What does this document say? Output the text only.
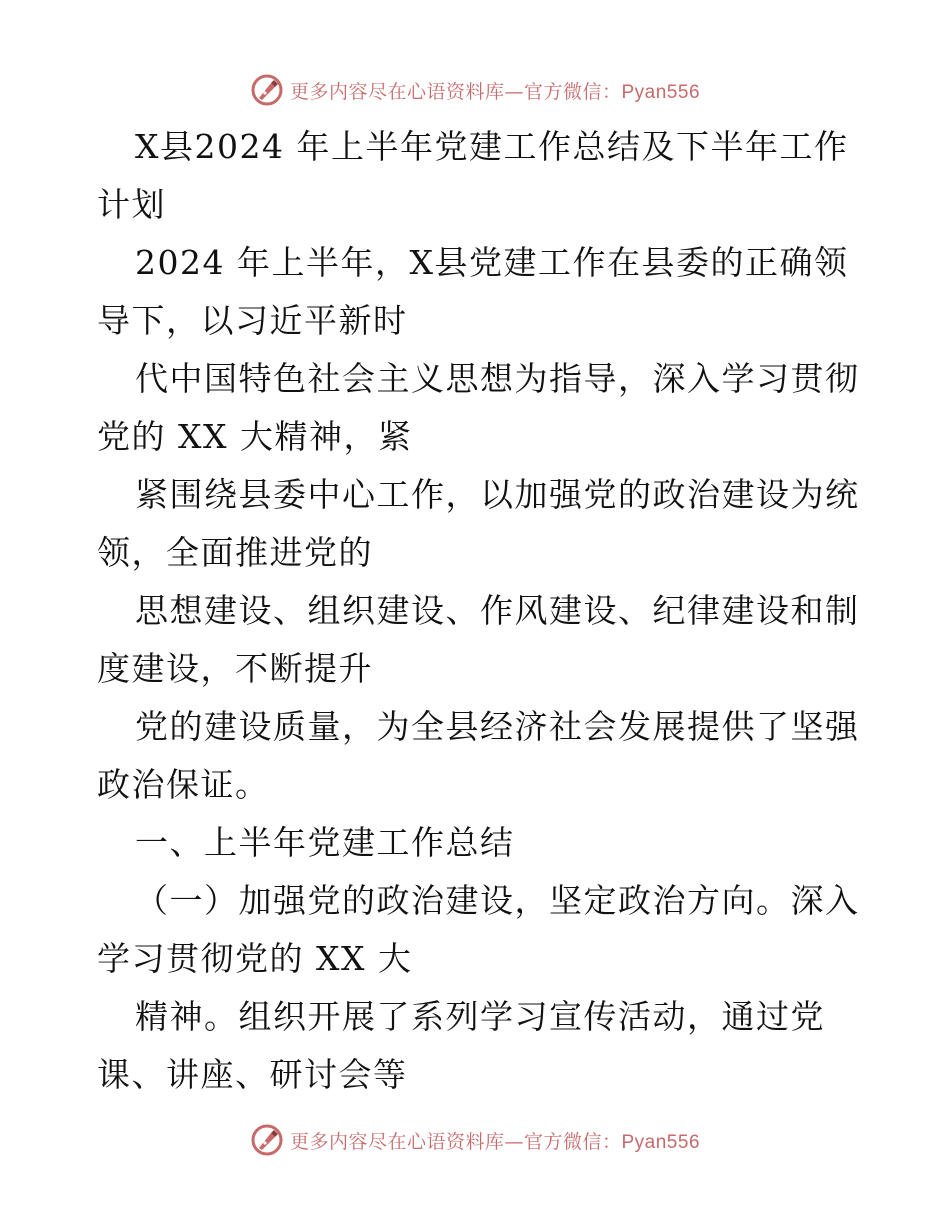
更多内容尽在心语资料库—官方微信：Pyan556
X县2024 年上半年党建工作总结及下半年工作
计划
2024 年上半年，X县党建工作在县委的正确领
导下，以习近平新时
代中国特色社会主义思想为指导，深入学习贯彻
党的 XX 大精神，紧
紧围绕县委中心工作，以加强党的政治建设为统
领，全面推进党的
思想建设、组织建设、作风建设、纪律建设和制
度建设，不断提升
党的建设质量，为全县经济社会发展提供了坚强
政治保证。
一、上半年党建工作总结
（一）加强党的政治建设，坚定政治方向。深入
学习贯彻党的 XX 大
精神。组织开展了系列学习宣传活动，通过党
课、讲座、研讨会等
更多内容尽在心语资料库—官方微信：Pyan556
